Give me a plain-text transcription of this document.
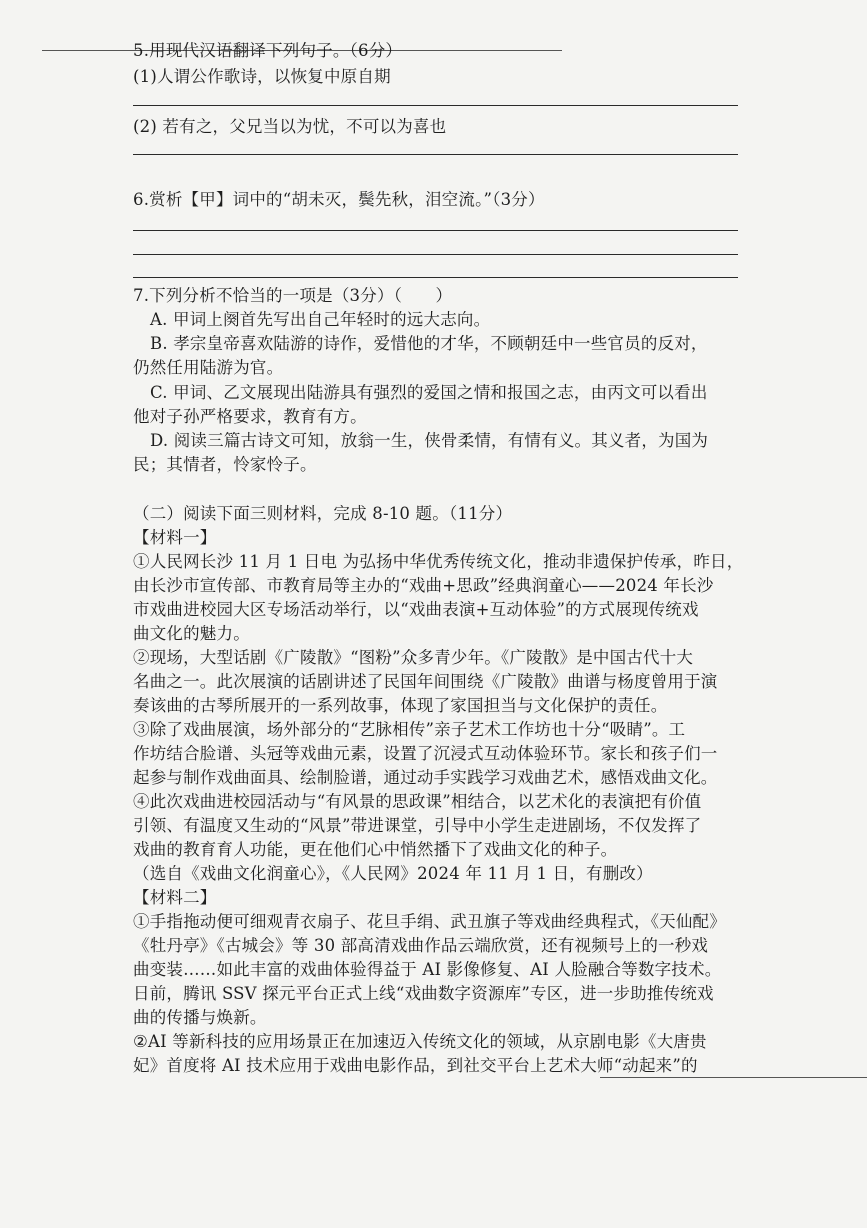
5.用现代汉语翻译下列句子。（6分）
(1)人谓公作歌诗，以恢复中原自期
(2) 若有之，父兄当以为忧，不可以为喜也
6.赏析【甲】词中的“胡未灭，鬓先秋，泪空流。”（3分）
7.下列分析不恰当的一项是（3分）（　　）
A. 甲词上阕首先写出自己年轻时的远大志向。
B. 孝宗皇帝喜欢陆游的诗作，爱惜他的才华，不顾朝廷中一些官员的反对，
仍然任用陆游为官。
C. 甲词、乙文展现出陆游具有强烈的爱国之情和报国之志，由丙文可以看出
他对子孙严格要求，教育有方。
D. 阅读三篇古诗文可知，放翁一生，侠骨柔情，有情有义。其义者，为国为
民；其情者，怜家怜子。
（二）阅读下面三则材料，完成 8-10 题。（11分）
【材料一】
①人民网长沙 11 月 1 日电 为弘扬中华优秀传统文化，推动非遗保护传承，昨日，
由长沙市宣传部、市教育局等主办的“戏曲+思政”经典润童心——2024 年长沙
市戏曲进校园大区专场活动举行，以“戏曲表演+互动体验”的方式展现传统戏
曲文化的魅力。
②现场，大型话剧《广陵散》“图粉”众多青少年。《广陵散》是中国古代十大
名曲之一。此次展演的话剧讲述了民国年间围绕《广陵散》曲谱与杨度曾用于演
奏该曲的古琴所展开的一系列故事，体现了家国担当与文化保护的责任。
③除了戏曲展演，场外部分的“艺脉相传”亲子艺术工作坊也十分“吸睛”。工
作坊结合脸谱、头冠等戏曲元素，设置了沉浸式互动体验环节。家长和孩子们一
起参与制作戏曲面具、绘制脸谱，通过动手实践学习戏曲艺术，感悟戏曲文化。
④此次戏曲进校园活动与“有风景的思政课”相结合，以艺术化的表演把有价值
引领、有温度又生动的“风景”带进课堂，引导中小学生走进剧场，不仅发挥了
戏曲的教育育人功能，更在他们心中悄然播下了戏曲文化的种子。
（选自《戏曲文化润童心》，《人民网》2024 年 11 月 1 日，有删改）
【材料二】
①手指拖动便可细观青衣扇子、花旦手绢、武丑旗子等戏曲经典程式，《天仙配》
《牡丹亭》《古城会》等 30 部高清戏曲作品云端欣赏，还有视频号上的一秒戏
曲变装……如此丰富的戏曲体验得益于 AI 影像修复、AI 人脸融合等数字技术。
日前，腾讯 SSV 探元平台正式上线“戏曲数字资源库”专区，进一步助推传统戏
曲的传播与焕新。
②AI 等新科技的应用场景正在加速迈入传统文化的领域，从京剧电影《大唐贵
妃》首度将 AI 技术应用于戏曲电影作品，到社交平台上艺术大师“动起来”的
